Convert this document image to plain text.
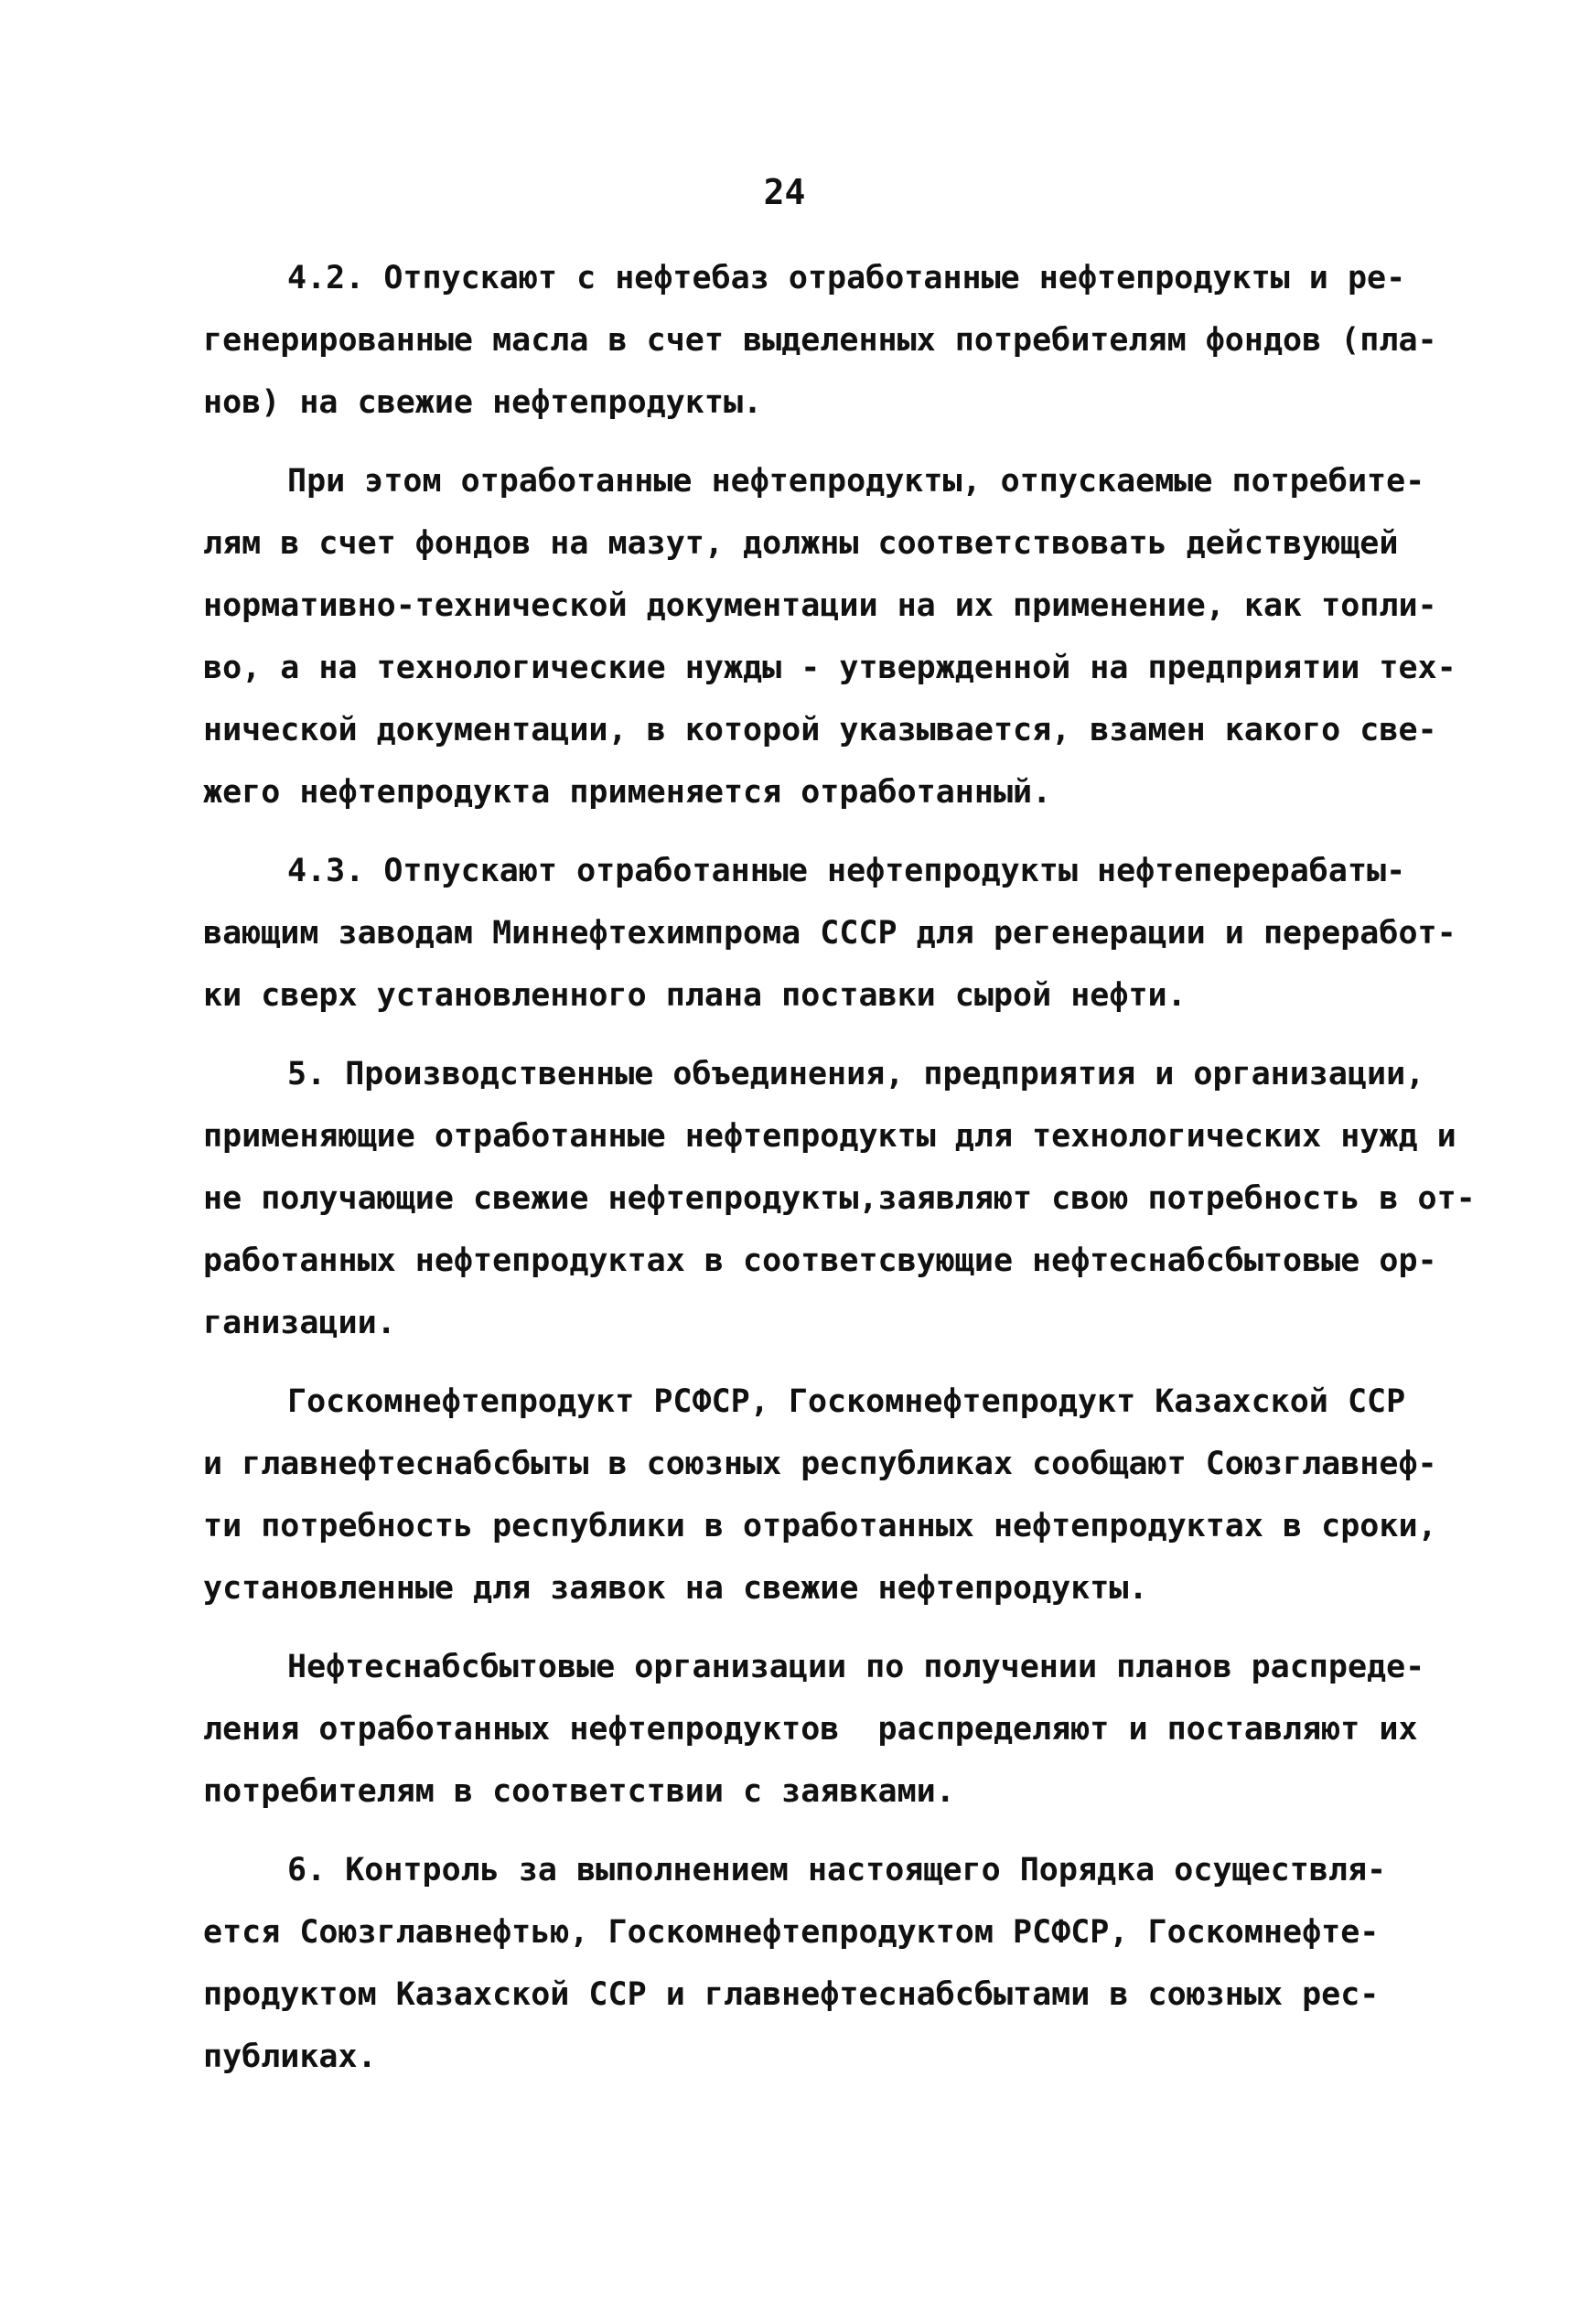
24
4.2. Отпускают с нефтебаз отработанные нефтепродукты и ре-
генерированные масла в счет выделенных потребителям фондов (пла-
нов) на свежие нефтепродукты.
При этом отработанные нефтепродукты, отпускаемые потребите-
лям в счет фондов на мазут, должны соответствовать действующей
нормативно-технической документации на их применение, как топли-
во, а на технологические нужды - утвержденной на предприятии тех-
нической документации, в которой указывается, взамен какого све-
жего нефтепродукта применяется отработанный.
4.3. Отпускают отработанные нефтепродукты нефтеперерабаты-
вающим заводам Миннефтехимпрома СССР для регенерации и переработ-
ки сверх установленного плана поставки сырой нефти.
5. Производственные объединения, предприятия и организации,
применяющие отработанные нефтепродукты для технологических нужд и
не получающие свежие нефтепродукты,заявляют свою потребность в от-
работанных нефтепродуктах в соответсвующие нефтеснабсбытовые ор-
ганизации.
Госкомнефтепродукт РСФСР, Госкомнефтепродукт Казахской ССР
и главнефтеснабсбыты в союзных республиках сообщают Союзглавнеф-
ти потребность республики в отработанных нефтепродуктах в сроки,
установленные для заявок на свежие нефтепродукты.
Нефтеснабсбытовые организации по получении планов распреде-
ления отработанных нефтепродуктов  распределяют и поставляют их
потребителям в соответствии с заявками.
6. Контроль за выполнением настоящего Порядка осуществля-
ется Союзглавнефтью, Госкомнефтепродуктом РСФСР, Госкомнефте-
продуктом Казахской ССР и главнефтеснабсбытами в союзных рес-
публиках.
